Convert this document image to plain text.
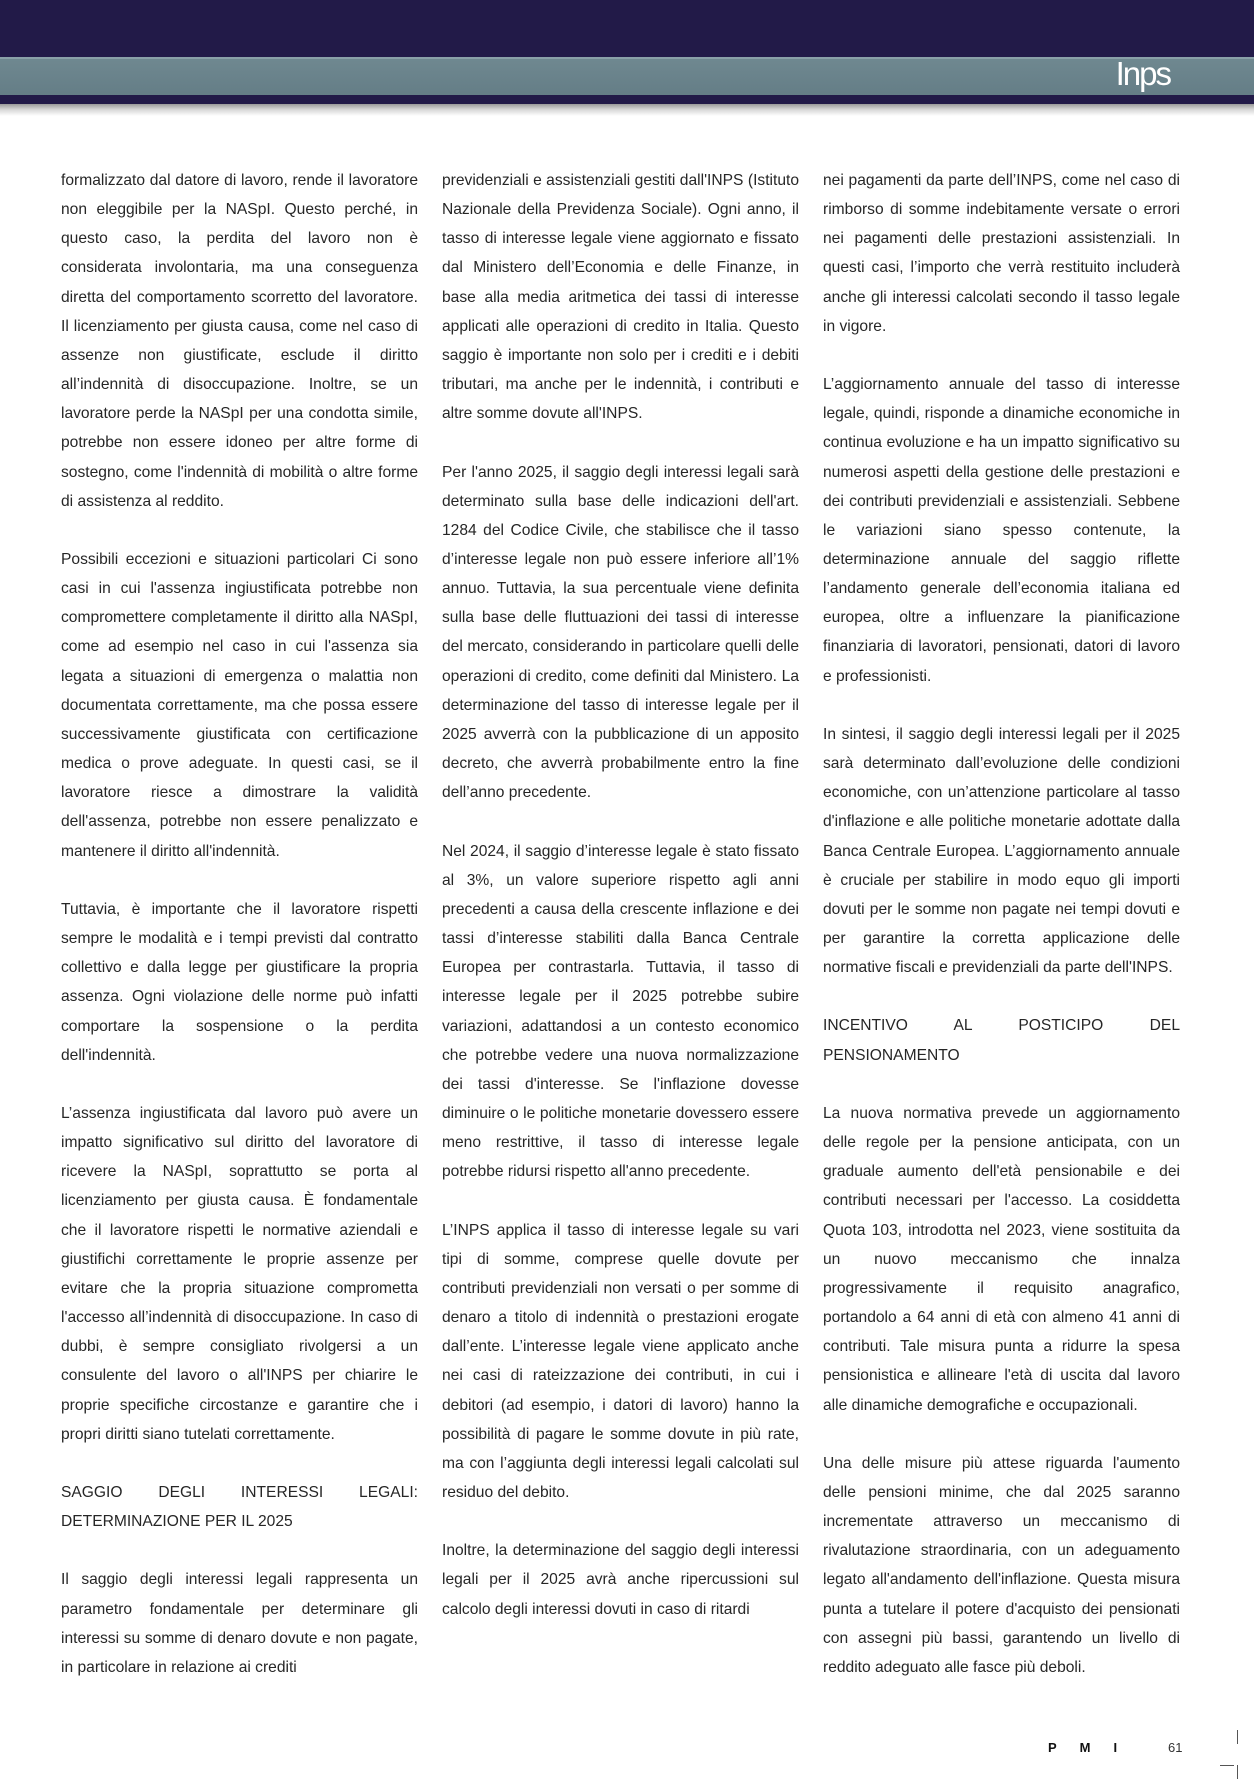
Inps

formalizzato dal datore di lavoro, rende il lavoratore non eleggibile per la NASpI. Questo perché, in questo caso, la perdita del lavoro non è considerata involontaria, ma una conseguenza diretta del comportamento scorretto del lavoratore. Il licenziamento per giusta causa, come nel caso di assenze non giustificate, esclude il diritto all’indennità di disoccupazione. Inoltre, se un lavoratore perde la NASpI per una condotta simile, potrebbe non essere idoneo per altre forme di sostegno, come l'indennità di mobilità o altre forme di assistenza al reddito.

Possibili eccezioni e situazioni particolari Ci sono casi in cui l'assenza ingiustificata potrebbe non compromettere completamente il diritto alla NASpI, come ad esempio nel caso in cui l'assenza sia legata a situazioni di emergenza o malattia non documentata correttamente, ma che possa essere successivamente giustificata con certificazione medica o prove adeguate. In questi casi, se il lavoratore riesce a dimostrare la validità dell'assenza, potrebbe non essere penalizzato e mantenere il diritto all'indennità.

Tuttavia, è importante che il lavoratore rispetti sempre le modalità e i tempi previsti dal contratto collettivo e dalla legge per giustificare la propria assenza. Ogni violazione delle norme può infatti comportare la sospensione o la perdita dell'indennità.

L’assenza ingiustificata dal lavoro può avere un impatto significativo sul diritto del lavoratore di ricevere la NASpI, soprattutto se porta al licenziamento per giusta causa. È fondamentale che il lavoratore rispetti le normative aziendali e giustifichi correttamente le proprie assenze per evitare che la propria situazione comprometta l'accesso all’indennità di disoccupazione. In caso di dubbi, è sempre consigliato rivolgersi a un consulente del lavoro o all'INPS per chiarire le proprie specifiche circostanze e garantire che i propri diritti siano tutelati correttamente.

SAGGIO DEGLI INTERESSI LEGALI: DETERMINAZIONE PER IL 2025

Il saggio degli interessi legali rappresenta un parametro fondamentale per determinare gli interessi su somme di denaro dovute e non pagate, in particolare in relazione ai crediti

previdenziali e assistenziali gestiti dall'INPS (Istituto Nazionale della Previdenza Sociale). Ogni anno, il tasso di interesse legale viene aggiornato e fissato dal Ministero dell’Economia e delle Finanze, in base alla media aritmetica dei tassi di interesse applicati alle operazioni di credito in Italia. Questo saggio è importante non solo per i crediti e i debiti tributari, ma anche per le indennità, i contributi e altre somme dovute all'INPS.

Per l'anno 2025, il saggio degli interessi legali sarà determinato sulla base delle indicazioni dell'art. 1284 del Codice Civile, che stabilisce che il tasso d’interesse legale non può essere inferiore all’1% annuo. Tuttavia, la sua percentuale viene definita sulla base delle fluttuazioni dei tassi di interesse del mercato, considerando in particolare quelli delle operazioni di credito, come definiti dal Ministero. La determinazione del tasso di interesse legale per il 2025 avverrà con la pubblicazione di un apposito decreto, che avverrà probabilmente entro la fine dell’anno precedente.

Nel 2024, il saggio d’interesse legale è stato fissato al 3%, un valore superiore rispetto agli anni precedenti a causa della crescente inflazione e dei tassi d’interesse stabiliti dalla Banca Centrale Europea per contrastarla. Tuttavia, il tasso di interesse legale per il 2025 potrebbe subire variazioni, adattandosi a un contesto economico che potrebbe vedere una nuova normalizzazione dei tassi d'interesse. Se l'inflazione dovesse diminuire o le politiche monetarie dovessero essere meno restrittive, il tasso di interesse legale potrebbe ridursi rispetto all'anno precedente.

L’INPS applica il tasso di interesse legale su vari tipi di somme, comprese quelle dovute per contributi previdenziali non versati o per somme di denaro a titolo di indennità o prestazioni erogate dall’ente. L’interesse legale viene applicato anche nei casi di rateizzazione dei contributi, in cui i debitori (ad esempio, i datori di lavoro) hanno la possibilità di pagare le somme dovute in più rate, ma con l’aggiunta degli interessi legali calcolati sul residuo del debito.

Inoltre, la determinazione del saggio degli interessi legali per il 2025 avrà anche ripercussioni sul calcolo degli interessi dovuti in caso di ritardi

nei pagamenti da parte dell’INPS, come nel caso di rimborso di somme indebitamente versate o errori nei pagamenti delle prestazioni assistenziali. In questi casi, l’importo che verrà restituito includerà anche gli interessi calcolati secondo il tasso legale in vigore.

L’aggiornamento annuale del tasso di interesse legale, quindi, risponde a dinamiche economiche in continua evoluzione e ha un impatto significativo su numerosi aspetti della gestione delle prestazioni e dei contributi previdenziali e assistenziali. Sebbene le variazioni siano spesso contenute, la determinazione annuale del saggio riflette l’andamento generale dell’economia italiana ed europea, oltre a influenzare la pianificazione finanziaria di lavoratori, pensionati, datori di lavoro e professionisti.

In sintesi, il saggio degli interessi legali per il 2025 sarà determinato dall’evoluzione delle condizioni economiche, con un’attenzione particolare al tasso d'inflazione e alle politiche monetarie adottate dalla Banca Centrale Europea. L’aggiornamento annuale è cruciale per stabilire in modo equo gli importi dovuti per le somme non pagate nei tempi dovuti e per garantire la corretta applicazione delle normative fiscali e previdenziali da parte dell'INPS.

INCENTIVO AL POSTICIPO DEL PENSIONAMENTO

La nuova normativa prevede un aggiornamento delle regole per la pensione anticipata, con un graduale aumento dell'età pensionabile e dei contributi necessari per l'accesso. La cosiddetta Quota 103, introdotta nel 2023, viene sostituita da un nuovo meccanismo che innalza progressivamente il requisito anagrafico, portandolo a 64 anni di età con almeno 41 anni di contributi. Tale misura punta a ridurre la spesa pensionistica e allineare l'età di uscita dal lavoro alle dinamiche demografiche e occupazionali.

Una delle misure più attese riguarda l'aumento delle pensioni minime, che dal 2025 saranno incrementate attraverso un meccanismo di rivalutazione straordinaria, con un adeguamento legato all'andamento dell'inflazione. Questa misura punta a tutelare il potere d'acquisto dei pensionati con assegni più bassi, garantendo un livello di reddito adeguato alle fasce più deboli.

PMI 61
